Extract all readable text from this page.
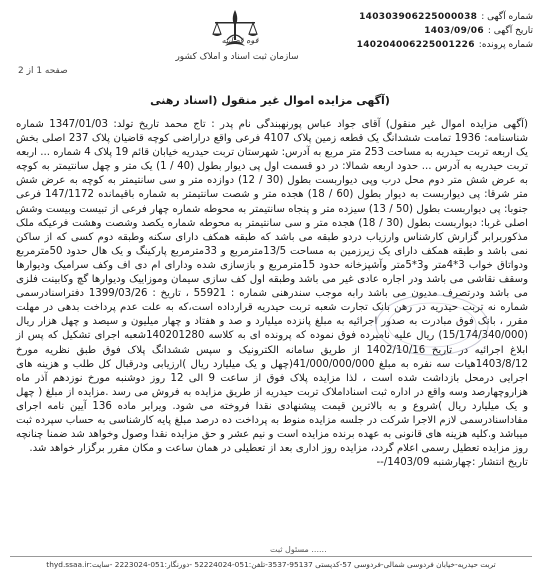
شماره آگهی :
140303906225000038
تاریخ آگهی :
1403/09/06
شماره پرونده:
140204006225001226
قوه قضاییه
سازمان ثبت اسناد و املاک کشور
صفحه 1 از 2
(آگهی مزایده اموال غیر منقول (اسناد رهنی

(آگهی مزایده اموال غیر منقول) آقای جواد عباس پورنهبندگی نام پدر : تاج محمد تاریخ تولد: 1347/01/03 شماره شناسنامه: 1936 تمامت ششدانگ یک قطعه زمین پلاک 4107 فرعی واقع دراراضی کوچه قاضیان پلاک 237 اصلی بخش یک اربعه تربت حیدریه به مساحت 253 متر مربع به آدرس: شهرستان تربت حیدریه خیابان قائم 19 پلاک 4 شماره ... اربعه تربت حیدریه به آدرس ... حدود اربعه شمالا: در دو قسمت اول پی دیوار بطول (40 / 1) یک متر و چهل سانتیمتر به کوچه به عرض شش متر دوم محل درب وپی دیواربست بطول (30 / 12) دوازده متر و سی سانتیمتر به کوچه به عرض شش متر شرقا: پی دیواربست به دیوار بطول (60 / 18) هجده متر و شصت سانتیمتر به شماره باقیمانده 147/1172 فرعی جنوبا: پی دیواربست بطول (50 / 13) سیزده متر و پنجاه سانتیمتر به محوطه شماره چهار فرعی از تبیست وبیست وشش اصلی غربا: دیواربست بطول (30 / 18) هجده متر و سی سانتیمتر به محوطه شماره یکصد وشصت وهشت فرعیکه ملک مذکوربرابر گزارش کارشناس وارزیاب دردو طبقه می باشد که طبقه همکف دارای سکنه وطبقه دوم کسی که از ساکن نمی باشد و طبقه همکف دارای یک زیرزمین به مساحت 13/5مترمربع و 33مترمربع پارکینگ و یک هال حدود 50مترمربع ودواتاق خواب 3*4متر و3*5متر وآشپزخانه حدود 15مترمربع و بازسازی شده ودارای ام دی اف وکف سرامیک ودیوارها وسقف نقاشی می باشد ودر اجاره عادی غیر می باشد وطبقه اول کف سازی سیمان وموزاییک ودیوارها گچ وکابینت فلزی می باشد ودرتصرف مدیون می باشد رابه موجب سندرهنی شماره : 55921 ، تاریخ : 1399/03/26 دفتراسنادرسمی شماره نه تربت حیدریه در رهن بانک تجارت شعبه تربت حیدریه قرارداده است،که به علت عدم پرداخت بدهی در مهلت مقرر ، بانک فوق مبادرت به صدور اجرائیه به مبلغ پانزده میلیارد و صد و هفتاد و چهار میلیون و سیصد و چهل هزار ریال (15/174/340/000) ریال علیه نامبرده فوق نموده که پرونده ای به کلاسه 140201280شعبه اجرای تشکیل که پس از ابلاغ اجرائیه در تاریخ 1402/10/16 از طریق سامانه الکترونیک و سپس ششدانگ پلاک فوق طبق نظریه مورخ 1403/8/12هیات سه نفره به مبلغ 41/000/000/000(چهل و یک میلیارد ریال )ارزیابی ودرقبال کل طلب و هزینه های اجرایی درمحل بازداشت شده است ، لذا مزایده پلاک فوق از ساعت 9 الی 12 روز دوشنبه مورخ نوزدهم آذر ماه هزاروچهارصد وسه واقع در اداره ثبت اسناداملاک تربت حیدریه از طریق مزایده به فروش می رسد .مزایده از مبلغ ( چهل و یک میلیارد ریال )شروع و به بالاترین قیمت پیشنهادی نقدا فروخته می شود. ویرابر ماده 136 آیین نامه اجرای مفاداسنادرسمی لازم الاجرا شرکت در جلسه مزایده منوط به پرداخت ده درصد مبلغ پایه کارشناسی به حساب سپرده ثبت میباشد و.کلیه هزینه های قانونی به عهده برنده مزایده است و نیم عشر و حق مزایده نقدا وصول وخواهد شد ضمنا چنانچه روز مزایده تعطیل رسمی اعلام گردد، مزایده روز اداری بعد از تعطیلی در همان ساعت و مکان مقرر برگزار خواهد شد.

تاریخ انتشار :چهارشنبه 1403/09/--

...... مسئول ثبت
تربت حیدریه-خیابان فردوسی شمالی-فردوسی 57-کدپستی 95137-3537-تلفن:051-52224024 -دورنگار:051-2223024 -سایت:thyd.ssaa.ir
